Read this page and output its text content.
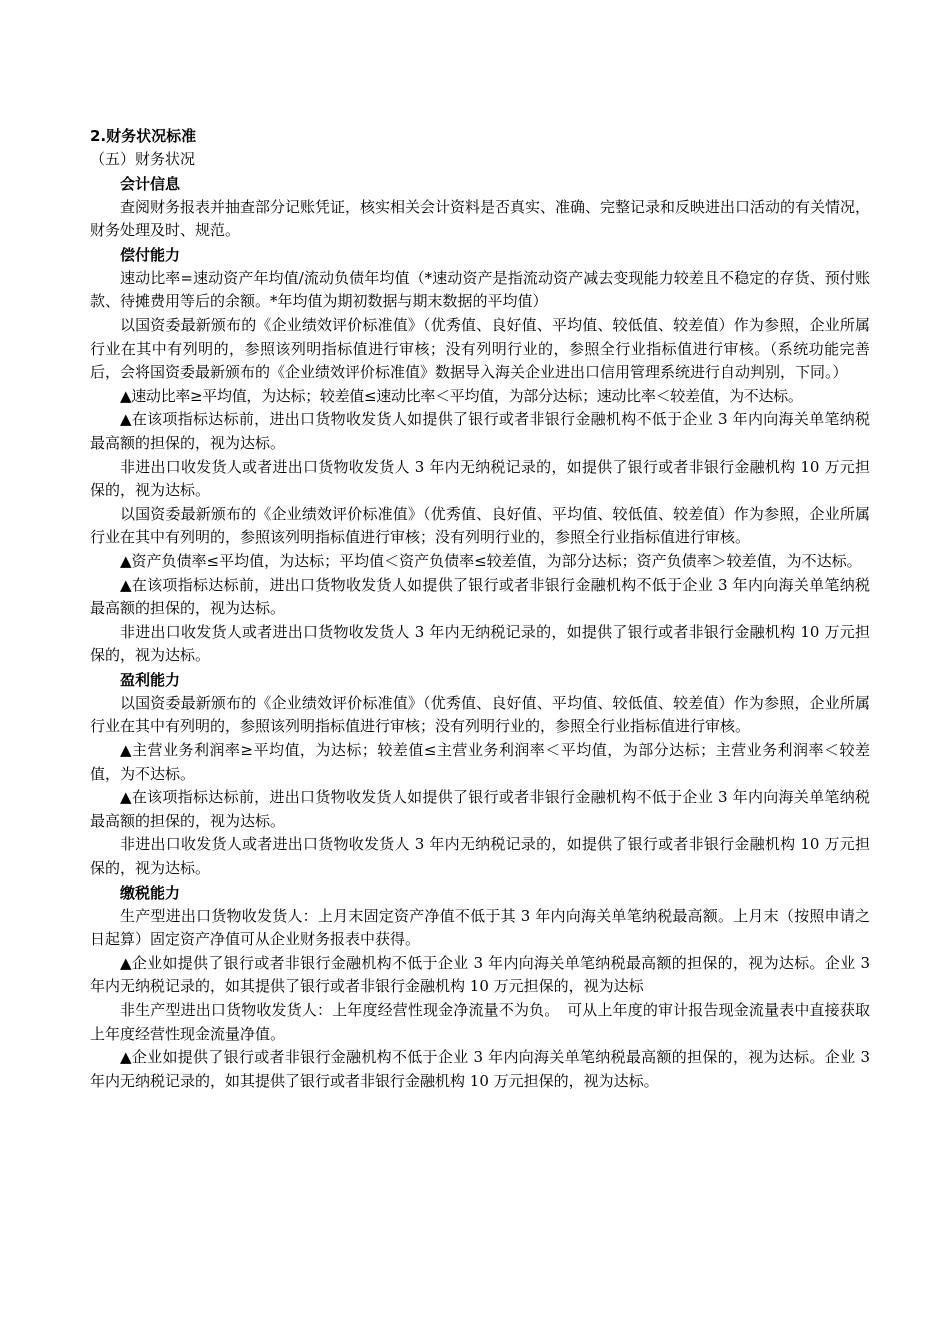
2.财务状况标准
（五）财务状况
会计信息
查阅财务报表并抽查部分记账凭证，核实相关会计资料是否真实、准确、完整记录和反映进出口活动的有关情况，财务处理及时、规范。
偿付能力
速动比率=速动资产年均值/流动负债年均值（*速动资产是指流动资产减去变现能力较差且不稳定的存货、预付账款、待摊费用等后的余额。*年均值为期初数据与期末数据的平均值）
以国资委最新颁布的《企业绩效评价标准值》（优秀值、良好值、平均值、较低值、较差值）作为参照，企业所属行业在其中有列明的，参照该列明指标值进行审核；没有列明行业的，参照全行业指标值进行审核。（系统功能完善后，会将国资委最新颁布的《企业绩效评价标准值》数据导入海关企业进出口信用管理系统进行自动判别，下同。）
▲速动比率≥平均值，为达标；较差值≤速动比率＜平均值，为部分达标；速动比率＜较差值，为不达标。
▲在该项指标达标前，进出口货物收发货人如提供了银行或者非银行金融机构不低于企业 3 年内向海关单笔纳税最高额的担保的，视为达标。
非进出口收发货人或者进出口货物收发货人 3 年内无纳税记录的，如提供了银行或者非银行金融机构 10 万元担保的，视为达标。
以国资委最新颁布的《企业绩效评价标准值》（优秀值、良好值、平均值、较低值、较差值）作为参照，企业所属行业在其中有列明的，参照该列明指标值进行审核；没有列明行业的，参照全行业指标值进行审核。
▲资产负债率≤平均值，为达标；平均值＜资产负债率≤较差值，为部分达标；资产负债率＞较差值，为不达标。
▲在该项指标达标前，进出口货物收发货人如提供了银行或者非银行金融机构不低于企业 3 年内向海关单笔纳税最高额的担保的，视为达标。
非进出口收发货人或者进出口货物收发货人 3 年内无纳税记录的，如提供了银行或者非银行金融机构 10 万元担保的，视为达标。
盈利能力
以国资委最新颁布的《企业绩效评价标准值》（优秀值、良好值、平均值、较低值、较差值）作为参照，企业所属行业在其中有列明的，参照该列明指标值进行审核；没有列明行业的，参照全行业指标值进行审核。
▲主营业务利润率≥平均值，为达标；较差值≤主营业务利润率＜平均值，为部分达标；主营业务利润率＜较差值，为不达标。
▲在该项指标达标前，进出口货物收发货人如提供了银行或者非银行金融机构不低于企业 3 年内向海关单笔纳税最高额的担保的，视为达标。
非进出口收发货人或者进出口货物收发货人 3 年内无纳税记录的，如提供了银行或者非银行金融机构 10 万元担保的，视为达标。
缴税能力
生产型进出口货物收发货人：上月末固定资产净值不低于其 3 年内向海关单笔纳税最高额。上月末（按照申请之日起算）固定资产净值可从企业财务报表中获得。
▲企业如提供了银行或者非银行金融机构不低于企业 3 年内向海关单笔纳税最高额的担保的，视为达标。企业 3 年内无纳税记录的，如其提供了银行或者非银行金融机构 10 万元担保的，视为达标
非生产型进出口货物收发货人：上年度经营性现金净流量不为负。　可从上年度的审计报告现金流量表中直接获取上年度经营性现金流量净值。
▲企业如提供了银行或者非银行金融机构不低于企业 3 年内向海关单笔纳税最高额的担保的，视为达标。企业 3 年内无纳税记录的，如其提供了银行或者非银行金融机构 10 万元担保的，视为达标。
